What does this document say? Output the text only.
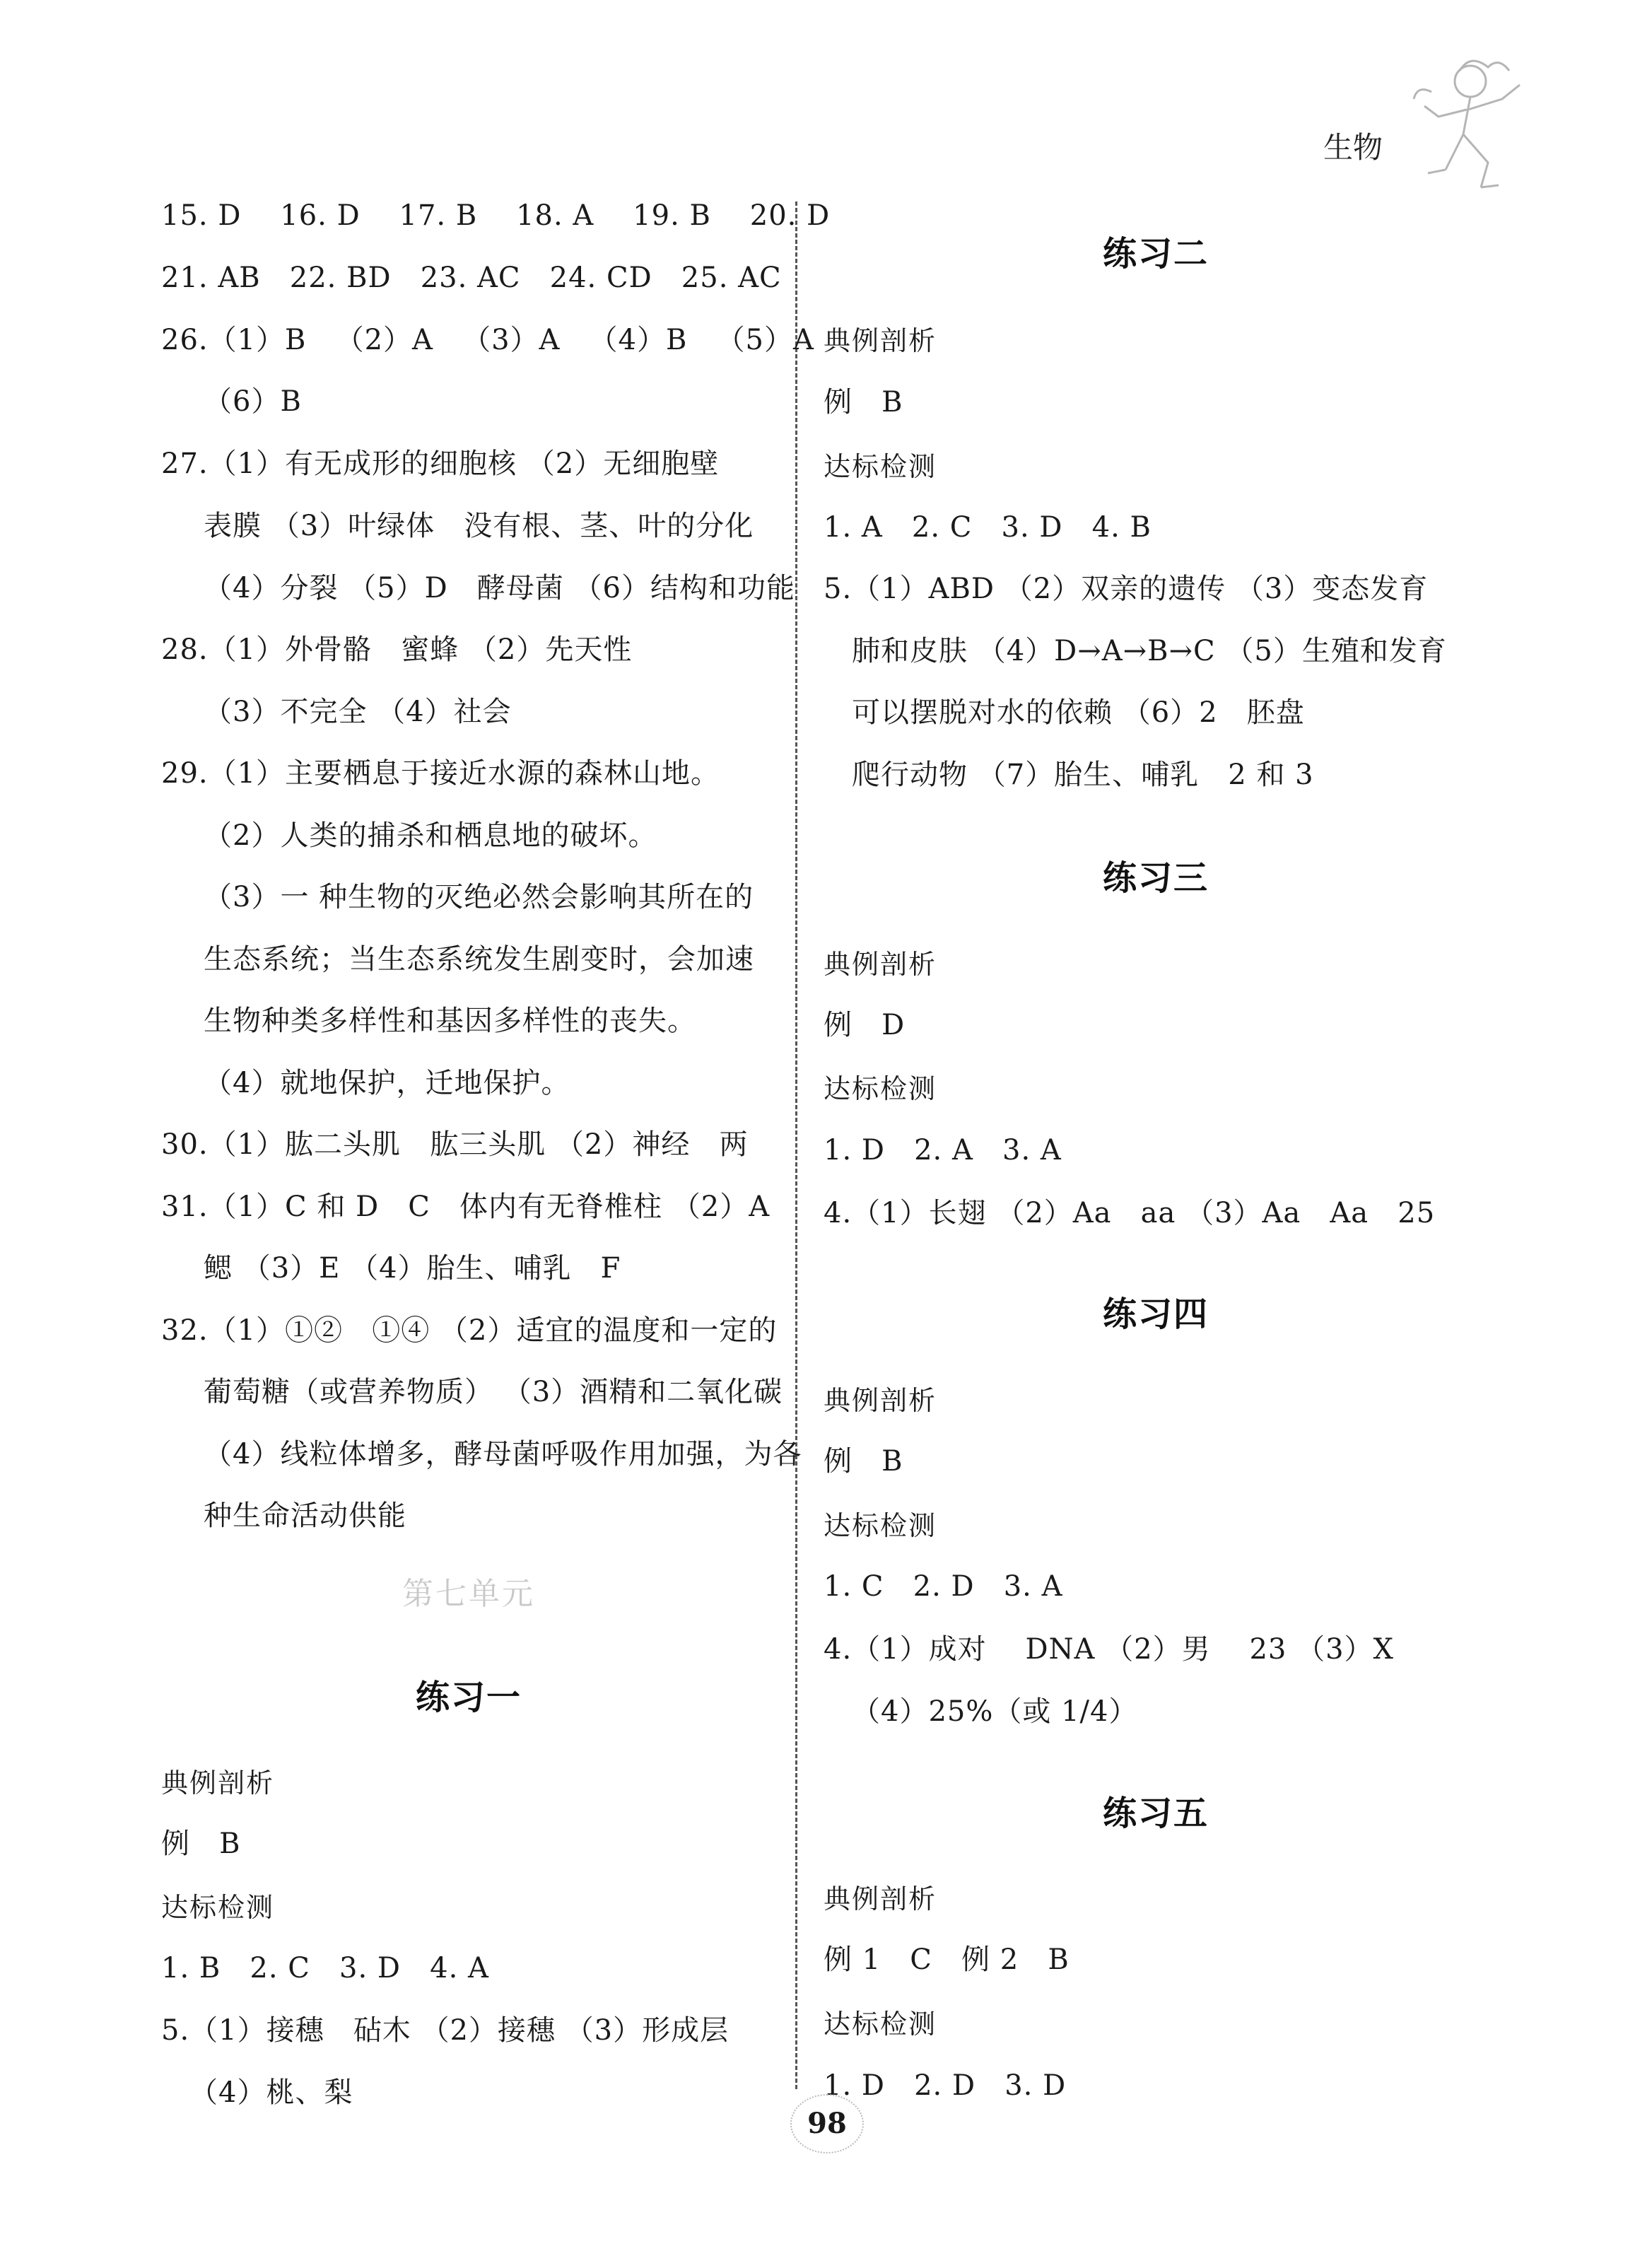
生物
15. D    16. D    17. B    18. A    19. B    20. D
21. AB   22. BD   23. AC   24. CD   25. AC
26.（1）B   （2）A   （3）A   （4）B   （5）A
（6）B
27.（1）有无成形的细胞核 （2）无细胞壁
表膜 （3）叶绿体   没有根、茎、叶的分化
（4）分裂 （5）D   酵母菌 （6）结构和功能
28.（1）外骨骼   蜜蜂 （2）先天性
（3）不完全 （4）社会
29.（1）主要栖息于接近水源的森林山地。
（2）人类的捕杀和栖息地的破坏。
（3）一 种生物的灭绝必然会影响其所在的
生态系统；当生态系统发生剧变时，会加速
生物种类多样性和基因多样性的丧失。
（4）就地保护，迁地保护。
30.（1）肱二头肌   肱三头肌 （2）神经   两
31.（1）C 和 D   C   体内有无脊椎柱 （2）A
鳃 （3）E （4）胎生、哺乳   F
32.（1）①②   ①④ （2）适宜的温度和一定的
葡萄糖（或营养物质） （3）酒精和二氧化碳
（4）线粒体增多，酵母菌呼吸作用加强，为各
种生命活动供能
第七单元
练习一
典例剖析
例   B
达标检测
1. B   2. C   3. D   4. A
5.（1）接穗   砧木 （2）接穗 （3）形成层
（4）桃、梨
练习二
典例剖析
例   B
达标检测
1. A   2. C   3. D   4. B
5.（1）ABD （2）双亲的遗传 （3）变态发育
肺和皮肤 （4）D→A→B→C （5）生殖和发育
可以摆脱对水的依赖 （6）2   胚盘
爬行动物 （7）胎生、哺乳   2 和 3
练习三
典例剖析
例   D
达标检测
1. D   2. A   3. A
4.（1）长翅 （2）Aa   aa （3）Aa   Aa   25
练习四
典例剖析
例   B
达标检测
1. C   2. D   3. A
4.（1）成对    DNA （2）男    23 （3）X
（4）25%（或 1/4）
练习五
典例剖析
例 1   C   例 2   B
达标检测
1. D   2. D   3. D
98
